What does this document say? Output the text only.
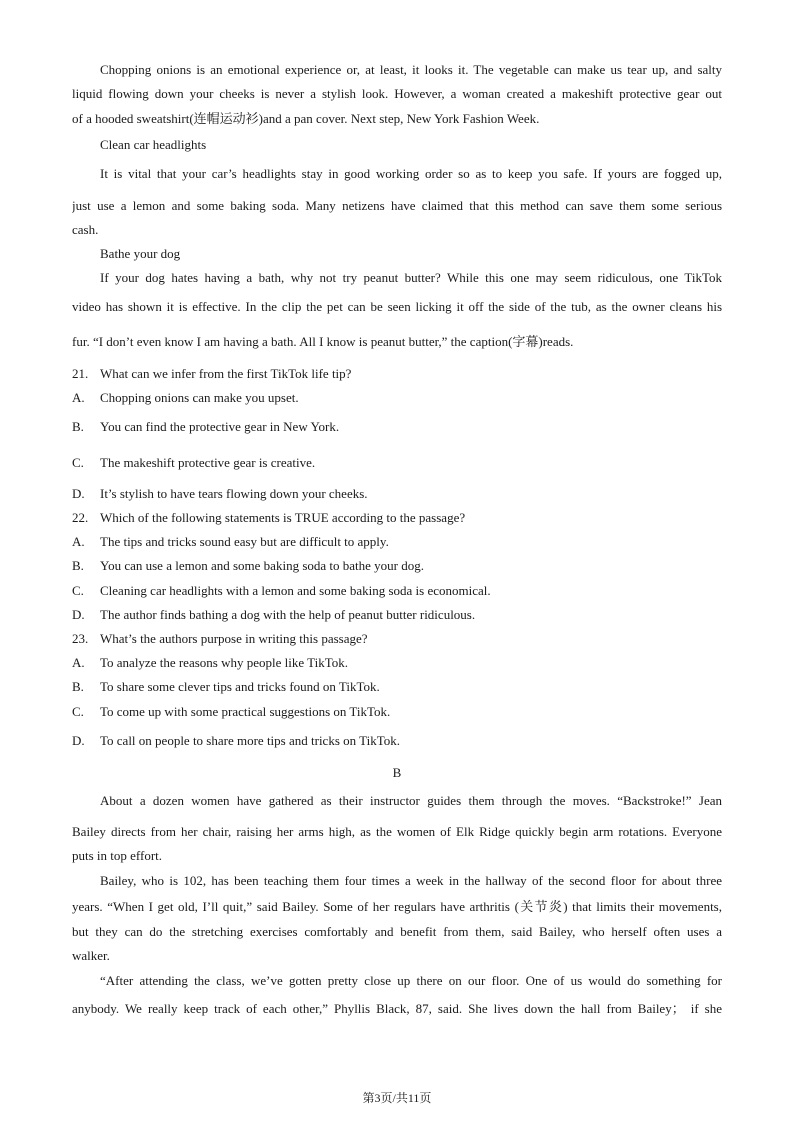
Chopping onions is an emotional experience or, at least, it looks it. The vegetable can make us tear up, and salty
liquid flowing down your cheeks is never a stylish look. However, a woman created a makeshift protective gear out
of a hooded sweatshirt(连帽运动衫)and a pan cover. Next step, New York Fashion Week.
Clean car headlights
It is vital that your car’s headlights stay in good working order so as to keep you safe. If yours are fogged up,
just use a lemon and some baking soda. Many netizens have claimed that this method can save them some serious
cash.
Bathe your dog
If your dog hates having a bath, why not try peanut butter? While this one may seem ridiculous, one TikTok
video has shown it is effective. In the clip the pet can be seen licking it off the side of the tub, as the owner cleans his
fur. “I don’t even know I am having a bath. All I know is peanut butter,” the caption(字幕)reads.
21. What can we infer from the first TikTok life tip?
A. Chopping onions can make you upset.
B. You can find the protective gear in New York.
C. The makeshift protective gear is creative.
D. It’s stylish to have tears flowing down your cheeks.
22. Which of the following statements is TRUE according to the passage?
A. The tips and tricks sound easy but are difficult to apply.
B. You can use a lemon and some baking soda to bathe your dog.
C. Cleaning car headlights with a lemon and some baking soda is economical.
D. The author finds bathing a dog with the help of peanut butter ridiculous.
23. What’s the authors purpose in writing this passage?
A. To analyze the reasons why people like TikTok.
B. To share some clever tips and tricks found on TikTok.
C. To come up with some practical suggestions on TikTok.
D. To call on people to share more tips and tricks on TikTok.
B
About a dozen women have gathered as their instructor guides them through the moves. “Backstroke!” Jean
Bailey directs from her chair, raising her arms high, as the women of Elk Ridge quickly begin arm rotations. Everyone
puts in top effort.
Bailey, who is 102, has been teaching them four times a week in the hallway of the second floor for about three
years. “When I get old, I’ll quit,” said Bailey. Some of her regulars have arthritis (关节炎) that limits their movements,
but they can do the stretching exercises comfortably and benefit from them, said Bailey, who herself often uses a
walker.
“After attending the class, we’ve gotten pretty close up there on our floor. One of us would do something for
anybody. We really keep track of each other,” Phyllis Black, 87, said. She lives down the hall from Bailey； if she
第3页/共11页
